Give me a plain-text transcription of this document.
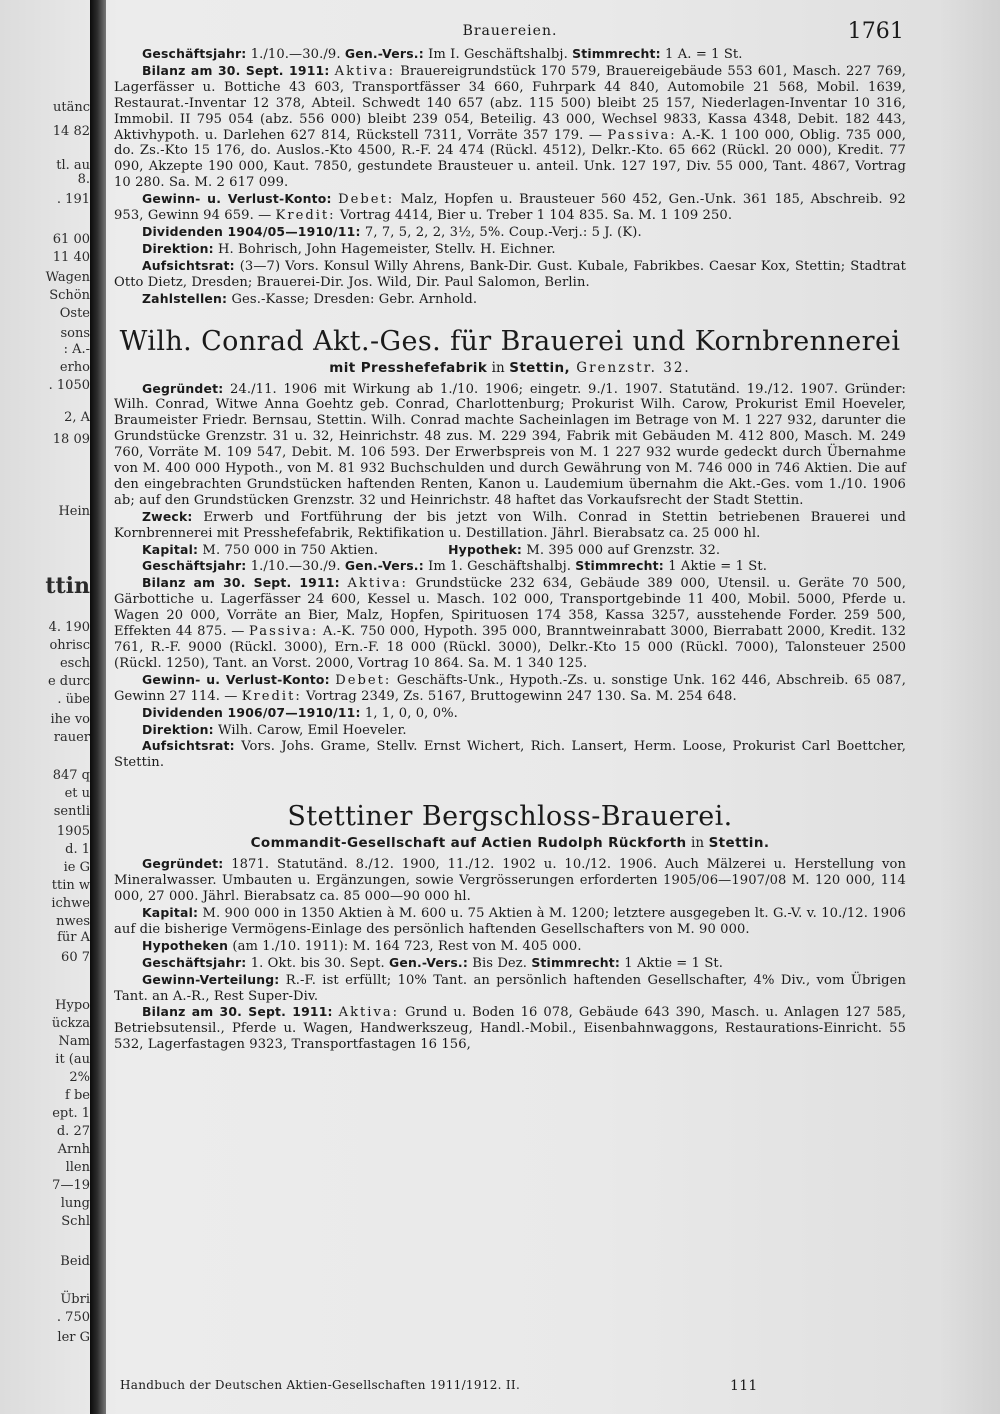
utänc
14 82
tl. au
8.
. 191
61 00
11 40
Wagen
Schön
Oste
sons
: A.-
erho
. 1050
2, A
18 09
Hein
ttin
4. 190
ohrisc
esch
e durc
. übe
ihe vo
rauer
847 q
et u
sentli
1905
d. 1
ie G
ttin w
ichwe
nwes
für A
60 7
Hypo
ückza
Nam
it (au
2%
f be
ept. 1
d. 27
Arnh
llen
7—19
lung
Schl
Beid
Übri
. 750
ler G
Brauereien.	1761

Geschäftsjahr: 1./10.—30./9. Gen.-Vers.: Im I. Geschäftshalbj. Stimmrecht: 1 A. = 1 St.

Bilanz am 30. Sept. 1911: Aktiva: Brauereigrundstück 170 579, Brauereigebäude 553 601, Masch. 227 769, Lagerfässer u. Bottiche 43 603, Transportfässer 34 660, Fuhrpark 44 840, Automobile 21 568, Mobil. 1639, Restaurat.-Inventar 12 378, Abteil. Schwedt 140 657 (abz. 115 500) bleibt 25 157, Niederlagen-Inventar 10 316, Immobil. II 795 054 (abz. 556 000) bleibt 239 054, Beteilig. 43 000, Wechsel 9833, Kassa 4348, Debit. 182 443, Aktivhypoth. u. Darlehen 627 814, Rückstell 7311, Vorräte 357 179. — Passiva: A.-K. 1 100 000, Oblig. 735 000, do. Zs.-Kto 15 176, do. Auslos.-Kto 4500, R.-F. 24 474 (Rückl. 4512), Delkr.-Kto. 65 662 (Rückl. 20 000), Kredit. 77 090, Akzepte 190 000, Kaut. 7850, gestundete Brausteuer u. anteil. Unk. 127 197, Div. 55 000, Tant. 4867, Vortrag 10 280. Sa. M. 2 617 099.

Gewinn- u. Verlust-Konto: Debet: Malz, Hopfen u. Brausteuer 560 452, Gen.-Unk. 361 185, Abschreib. 92 953, Gewinn 94 659. — Kredit: Vortrag 4414, Bier u. Treber 1 104 835. Sa. M. 1 109 250.

Dividenden 1904/05—1910/11: 7, 7, 5, 2, 2, 3½, 5%. Coup.-Verj.: 5 J. (K).

Direktion: H. Bohrisch, John Hagemeister, Stellv. H. Eichner.

Aufsichtsrat: (3—7) Vors. Konsul Willy Ahrens, Bank-Dir. Gust. Kubale, Fabrikbes. Caesar Kox, Stettin; Stadtrat Otto Dietz, Dresden; Brauerei-Dir. Jos. Wild, Dir. Paul Salomon, Berlin.

Zahlstellen: Ges.-Kasse; Dresden: Gebr. Arnhold.

Wilh. Conrad Akt.-Ges. für Brauerei und Kornbrennerei
mit Presshefefabrik in Stettin, Grenzstr. 32.

Gegründet: 24./11. 1906 mit Wirkung ab 1./10. 1906; eingetr. 9./1. 1907. Statutänd. 19./12. 1907. Gründer: Wilh. Conrad, Witwe Anna Goehtz geb. Conrad, Charlottenburg; Prokurist Wilh. Carow, Prokurist Emil Hoeveler, Braumeister Friedr. Bernsau, Stettin. Wilh. Conrad machte Sacheinlagen im Betrage von M. 1 227 932, darunter die Grundstücke Grenzstr. 31 u. 32, Heinrichstr. 48 zus. M. 229 394, Fabrik mit Gebäuden M. 412 800, Masch. M. 249 760, Vorräte M. 109 547, Debit. M. 106 593. Der Erwerbspreis von M. 1 227 932 wurde gedeckt durch Übernahme von M. 400 000 Hypoth., von M. 81 932 Buchschulden und durch Gewährung von M. 746 000 in 746 Aktien. Die auf den eingebrachten Grundstücken haftenden Renten, Kanon u. Laudemium übernahm die Akt.-Ges. vom 1./10. 1906 ab; auf den Grundstücken Grenzstr. 32 und Heinrichstr. 48 haftet das Vorkaufsrecht der Stadt Stettin.

Zweck: Erwerb und Fortführung der bis jetzt von Wilh. Conrad in Stettin betriebenen Brauerei und Kornbrennerei mit Presshefefabrik, Rektifikation u. Destillation. Jährl. Bierabsatz ca. 25 000 hl.

Kapital: M. 750 000 in 750 Aktien.	Hypothek: M. 395 000 auf Grenzstr. 32.

Geschäftsjahr: 1./10.—30./9. Gen.-Vers.: Im 1. Geschäftshalbj. Stimmrecht: 1 Aktie = 1 St.

Bilanz am 30. Sept. 1911: Aktiva: Grundstücke 232 634, Gebäude 389 000, Utensil. u. Geräte 70 500, Gärbottiche u. Lagerfässer 24 600, Kessel u. Masch. 102 000, Transportgebinde 11 400, Mobil. 5000, Pferde u. Wagen 20 000, Vorräte an Bier, Malz, Hopfen, Spirituosen 174 358, Kassa 3257, ausstehende Forder. 259 500, Effekten 44 875. — Passiva: A.-K. 750 000, Hypoth. 395 000, Branntweinrabatt 3000, Bierrabatt 2000, Kredit. 132 761, R.-F. 9000 (Rückl. 3000), Ern.-F. 18 000 (Rückl. 3000), Delkr.-Kto 15 000 (Rückl. 7000), Talonsteuer 2500 (Rückl. 1250), Tant. an Vorst. 2000, Vortrag 10 864. Sa. M. 1 340 125.

Gewinn- u. Verlust-Konto: Debet: Geschäfts-Unk., Hypoth.-Zs. u. sonstige Unk. 162 446, Abschreib. 65 087, Gewinn 27 114. — Kredit: Vortrag 2349, Zs. 5167, Bruttogewinn 247 130. Sa. M. 254 648.

Dividenden 1906/07—1910/11: 1, 1, 0, 0, 0%.

Direktion: Wilh. Carow, Emil Hoeveler.

Aufsichtsrat: Vors. Johs. Grame, Stellv. Ernst Wichert, Rich. Lansert, Herm. Loose, Prokurist Carl Boettcher, Stettin.

Stettiner Bergschloss-Brauerei.
Commandit-Gesellschaft auf Actien Rudolph Rückforth in Stettin.

Gegründet: 1871. Statutänd. 8./12. 1900, 11./12. 1902 u. 10./12. 1906. Auch Mälzerei u. Herstellung von Mineralwasser. Umbauten u. Ergänzungen, sowie Vergrösserungen erforderten 1905/06—1907/08 M. 120 000, 114 000, 27 000. Jährl. Bierabsatz ca. 85 000—90 000 hl.

Kapital: M. 900 000 in 1350 Aktien à M. 600 u. 75 Aktien à M. 1200; letztere ausgegeben lt. G.-V. v. 10./12. 1906 auf die bisherige Vermögens-Einlage des persönlich haftenden Gesellschafters von M. 90 000.

Hypotheken (am 1./10. 1911): M. 164 723, Rest von M. 405 000.

Geschäftsjahr: 1. Okt. bis 30. Sept. Gen.-Vers.: Bis Dez. Stimmrecht: 1 Aktie = 1 St.

Gewinn-Verteilung: R.-F. ist erfüllt; 10% Tant. an persönlich haftenden Gesellschafter, 4% Div., vom Übrigen Tant. an A.-R., Rest Super-Div.

Bilanz am 30. Sept. 1911: Aktiva: Grund u. Boden 16 078, Gebäude 643 390, Masch. u. Anlagen 127 585, Betriebsutensil., Pferde u. Wagen, Handwerkszeug, Handl.-Mobil., Eisenbahnwaggons, Restaurations-Einricht. 55 532, Lagerfastagen 9323, Transportfastagen 16 156,

Handbuch der Deutschen Aktien-Gesellschaften 1911/1912. II.	111
